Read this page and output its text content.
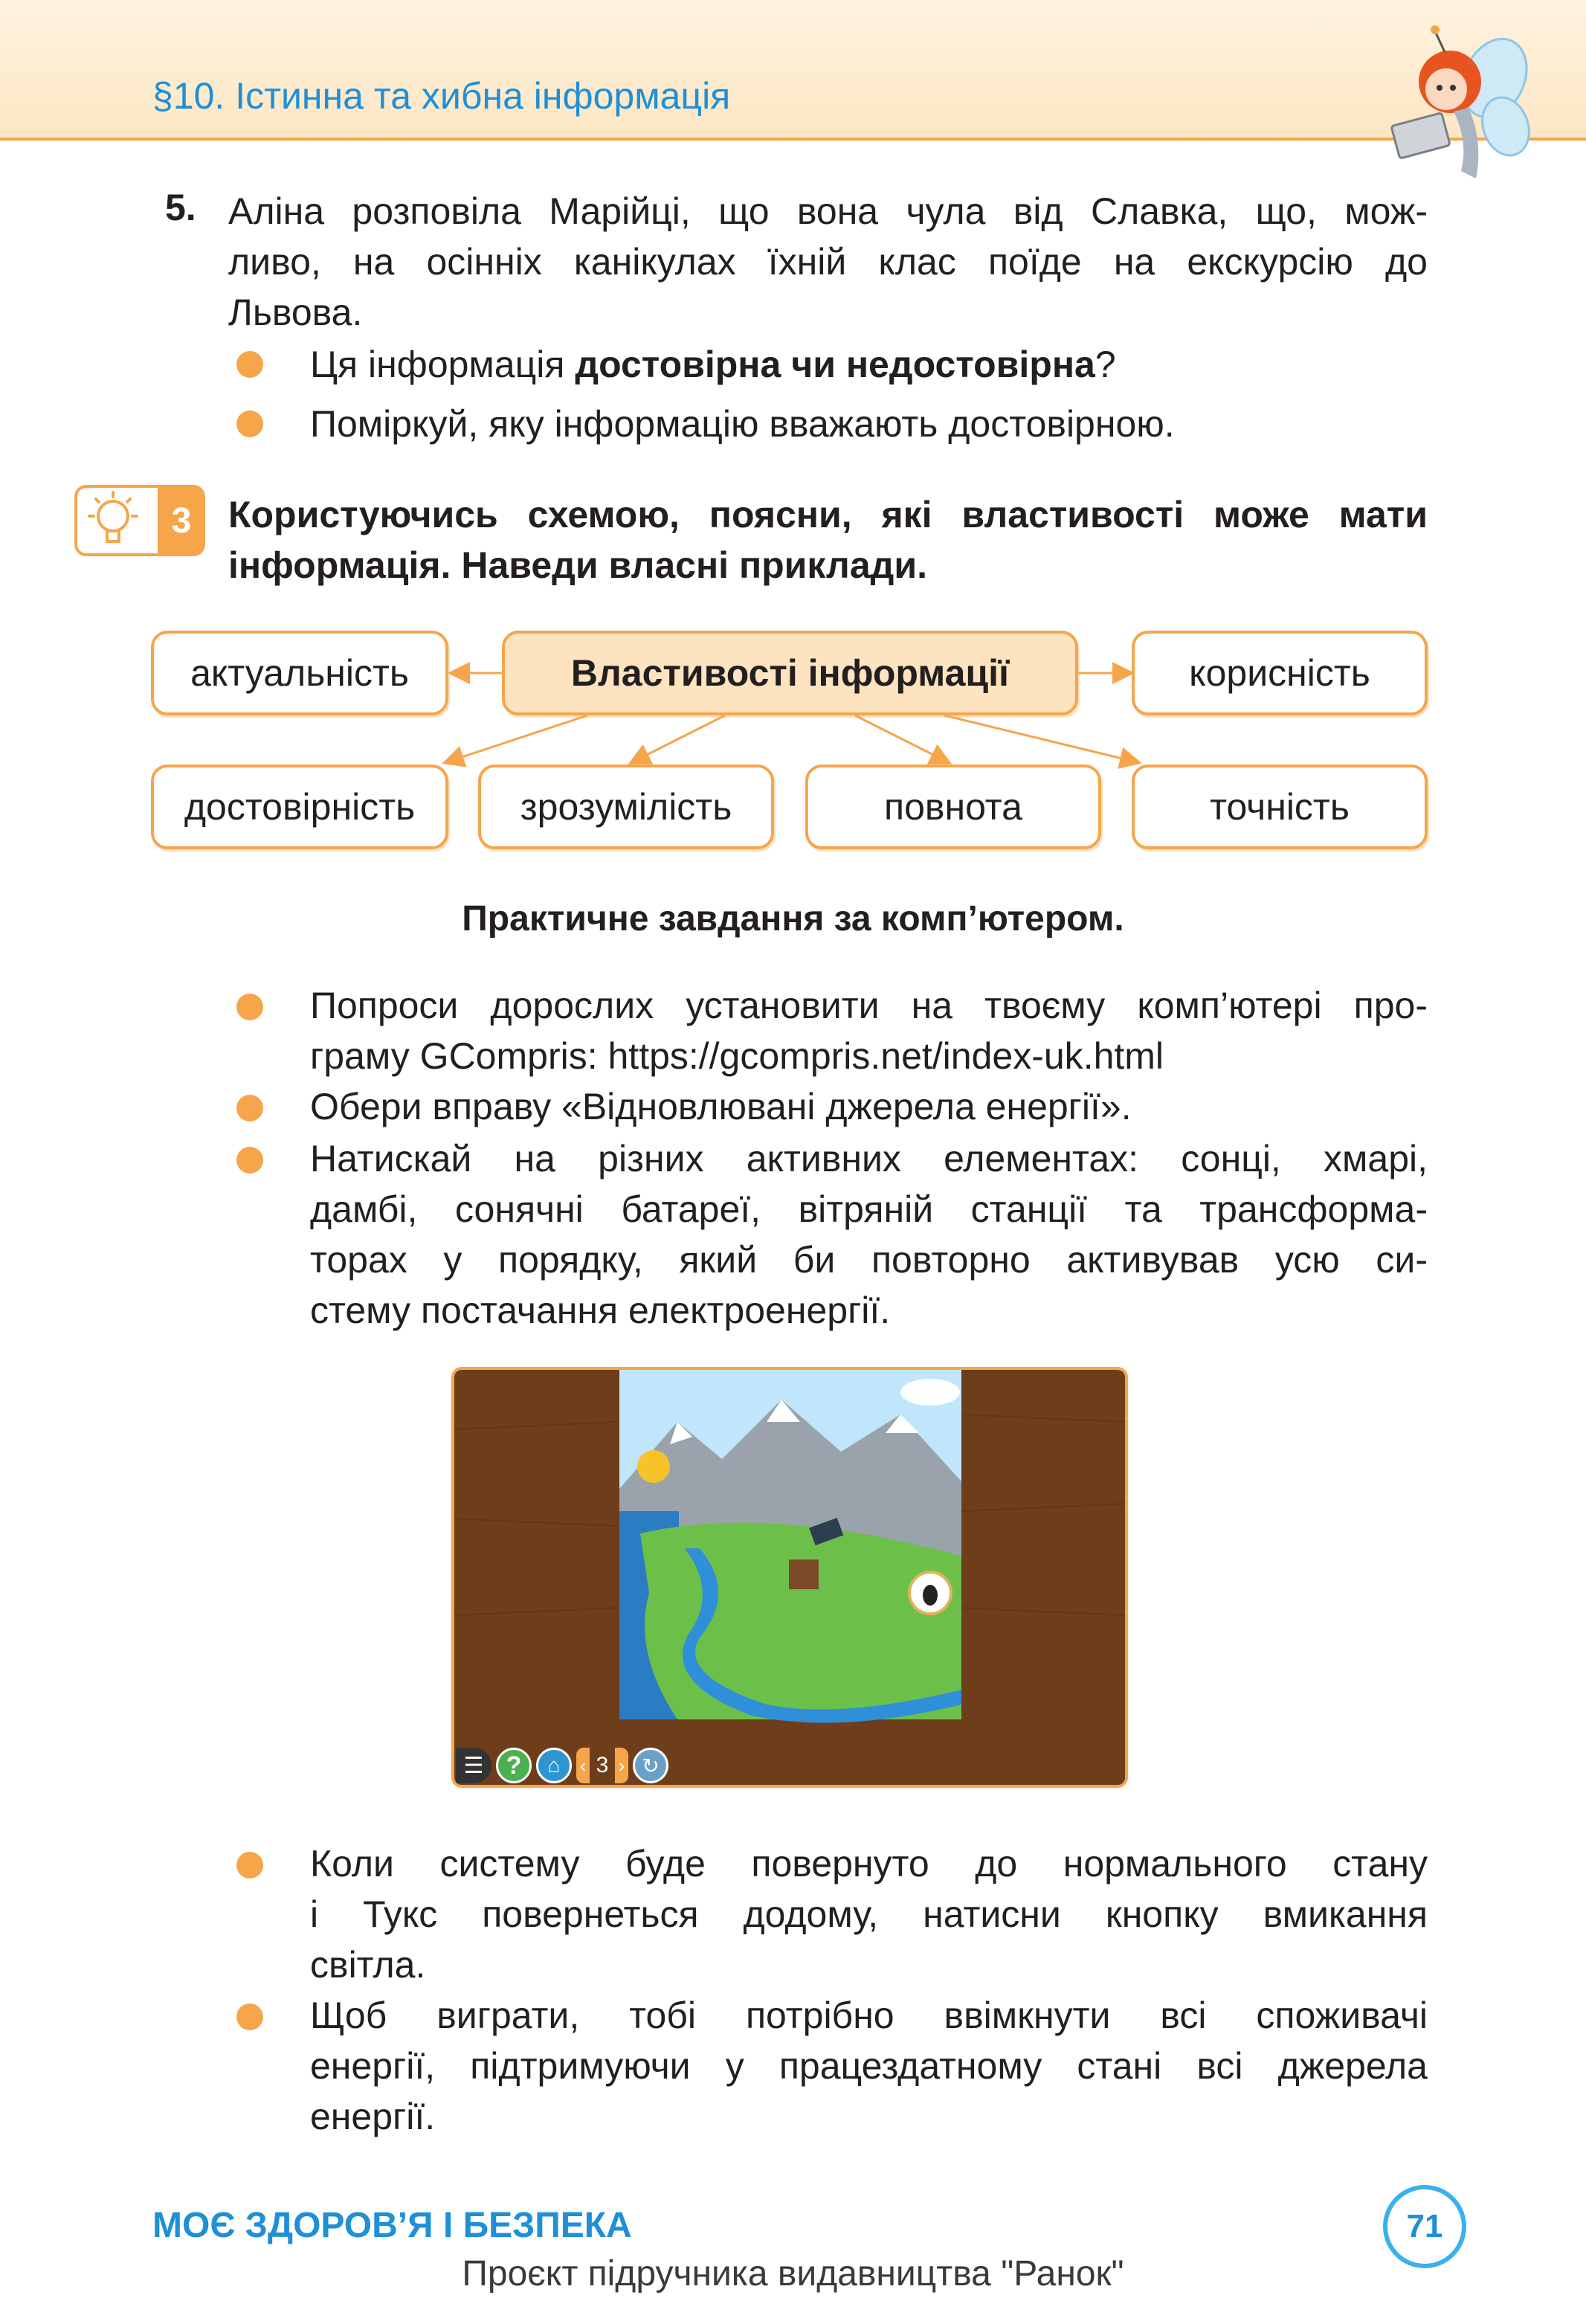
§10. Істинна та хибна інформація
5. Аліна розповіла Марійці, що вона чула від Славка, що, мож-
ливо, на осінніх канікулах їхній клас поїде на екскурсію до
Львова.
Ця інформація достовірна чи недостовірна?
Поміркуй, яку інформацію вважають достовірною.
3 Користуючись схемою, поясни, які властивості може мати
інформація. Наведи власні приклади.
актуальність	Властивості інформації	корисність
достовірність	зрозумілість	повнота	точність
Практичне завдання за комп’ютером.
Попроси дорослих установити на твоєму комп’ютері про-
граму GCompris: https://gcompris.net/index-uk.html
Обери вправу «Відновлювані джерела енергії».
Натискай на різних активних елементах: сонці, хмарі,
дамбі, сонячні батареї, вітряній станції та трансформа-
торах у порядку, який би повторно активував усю си-
стему постачання електроенергії.
☰ ?	⌂	‹ 3 › ↻
Коли систему буде повернуто до нормального стану
і Тукс повернеться додому, натисни кнопку вмикання
світла.
Щоб виграти, тобі потрібно ввімкнути всі споживачі
енергії, підтримуючи у працездатному стані всі джерела
енергії.
МОЄ ЗДОРОВ’Я І БЕЗПЕКА	71
Проєкт підручника видавництва "Ранок"
